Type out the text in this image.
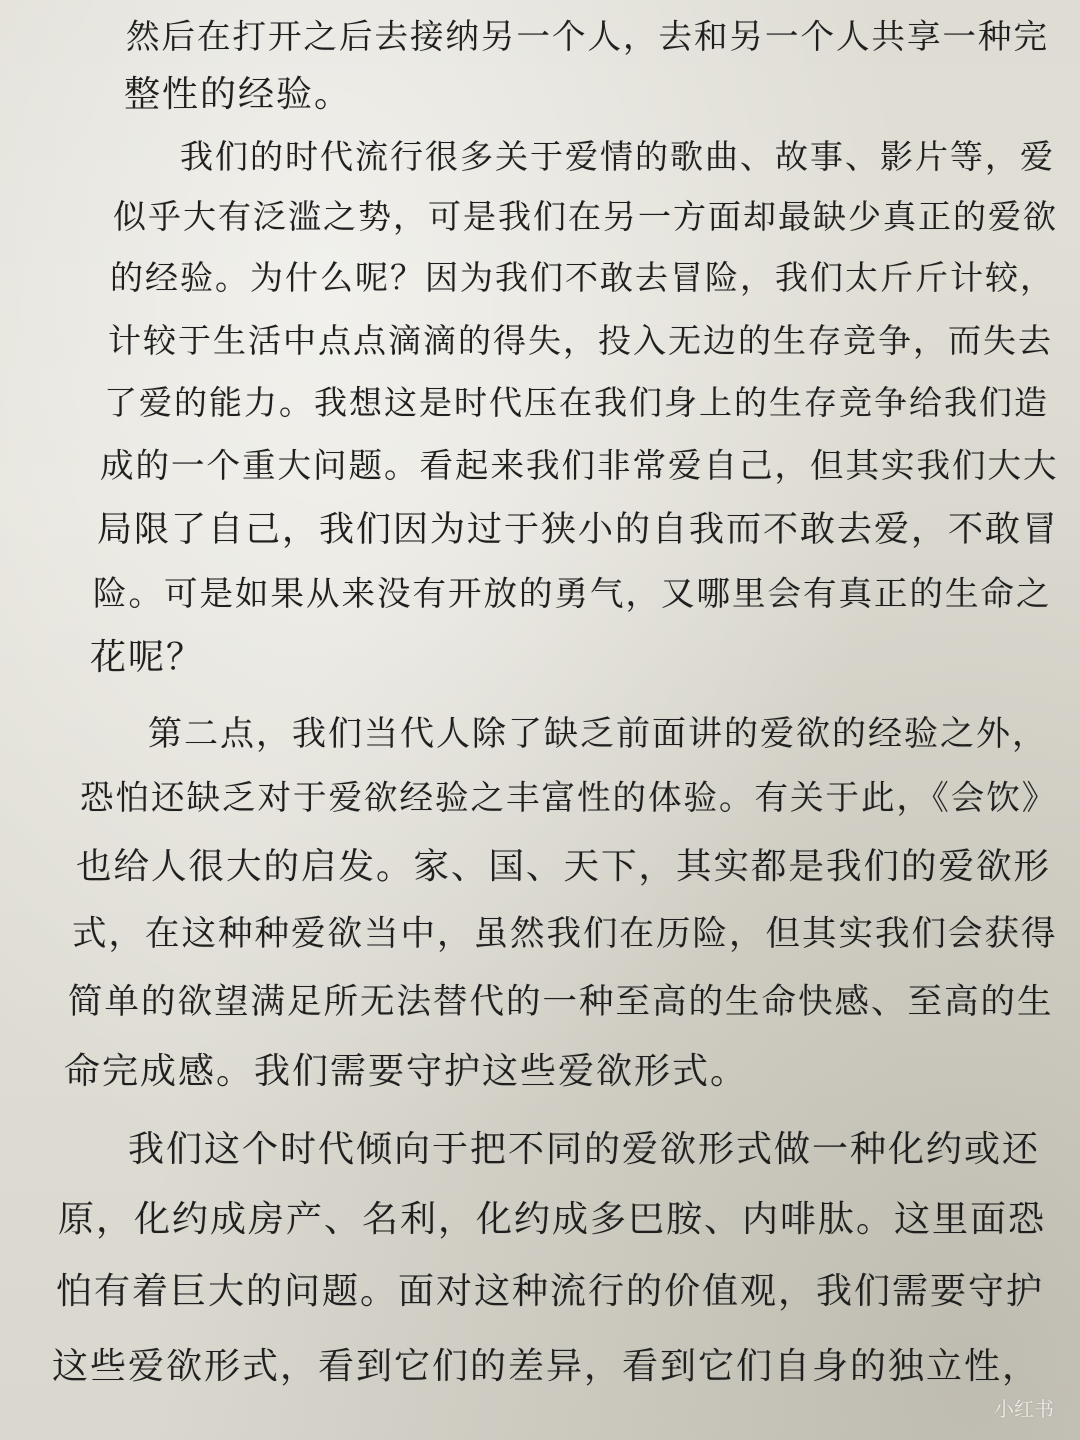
然后在打开之后去接纳另一个人，去和另一个人共享一种完

整性的经验。

我们的时代流行很多关于爱情的歌曲、故事、影片等，爱

似乎大有泛滥之势，可是我们在另一方面却最缺少真正的爱欲

的经验。为什么呢？因为我们不敢去冒险，我们太斤斤计较，

计较于生活中点点滴滴的得失，投入无边的生存竞争，而失去

了爱的能力。我想这是时代压在我们身上的生存竞争给我们造

成的一个重大问题。看起来我们非常爱自己，但其实我们大大

局限了自己，我们因为过于狭小的自我而不敢去爱，不敢冒

险。可是如果从来没有开放的勇气，又哪里会有真正的生命之

花呢？

第二点，我们当代人除了缺乏前面讲的爱欲的经验之外，

恐怕还缺乏对于爱欲经验之丰富性的体验。有关于此，《会饮》

也给人很大的启发。家、国、天下，其实都是我们的爱欲形

式，在这种种爱欲当中，虽然我们在历险，但其实我们会获得

简单的欲望满足所无法替代的一种至高的生命快感、至高的生

命完成感。我们需要守护这些爱欲形式。

我们这个时代倾向于把不同的爱欲形式做一种化约或还

原，化约成房产、名利，化约成多巴胺、内啡肽。这里面恐

怕有着巨大的问题。面对这种流行的价值观，我们需要守护

这些爱欲形式，看到它们的差异，看到它们自身的独立性，

小红书
